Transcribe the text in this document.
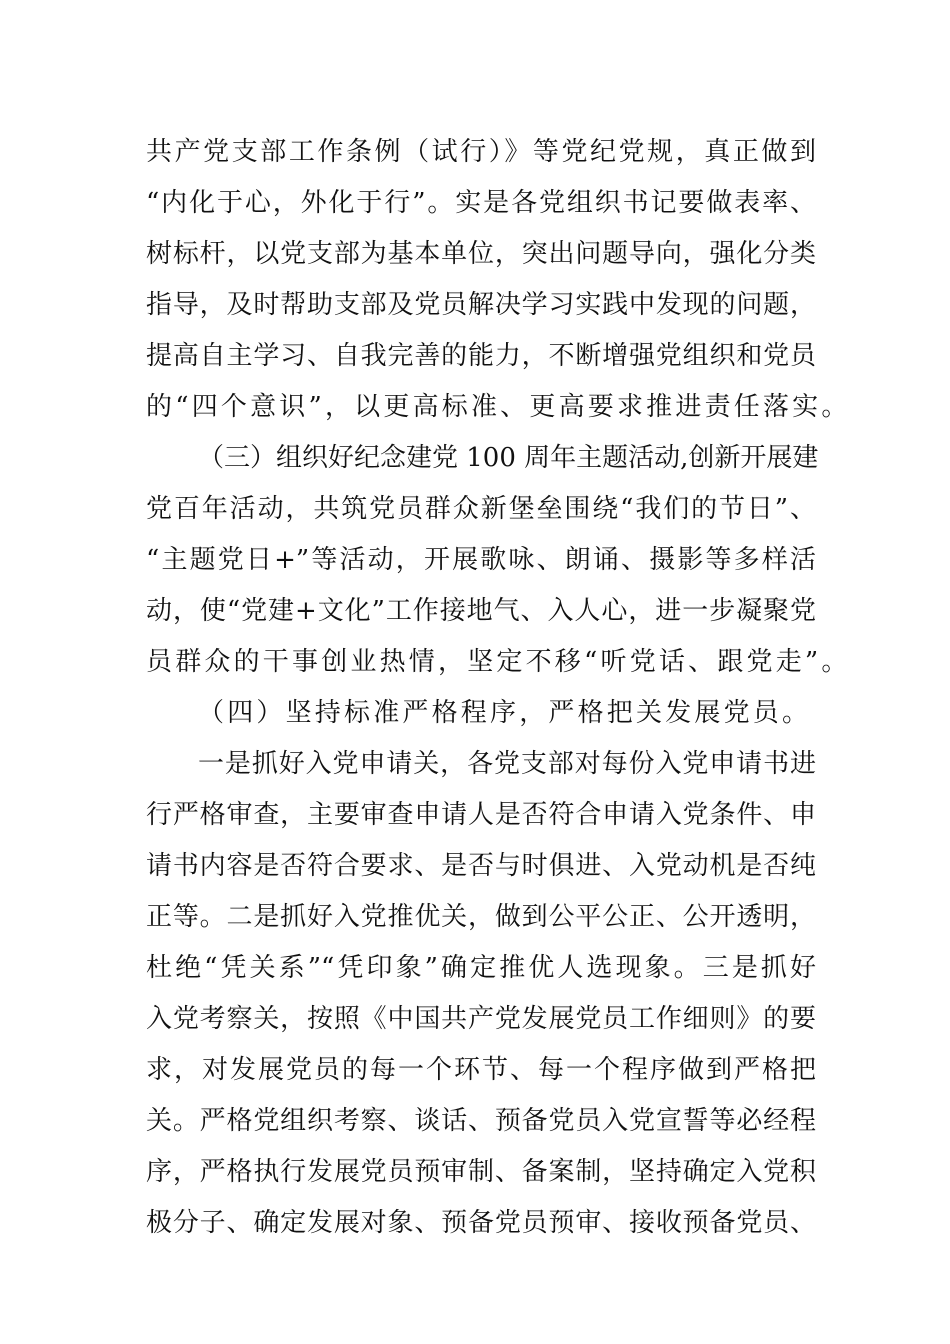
共产党支部工作条例（试行）》等党纪党规，真正做到
“内化于心，外化于行”。实是各党组织书记要做表率、
树标杆，以党支部为基本单位，突出问题导向，强化分类
指导，及时帮助支部及党员解决学习实践中发现的问题，
提高自主学习、自我完善的能力，不断增强党组织和党员
的“四个意识”，以更高标准、更高要求推进责任落实。
（三）组织好纪念建党 100 周年主题活动,创新开展建
党百年活动，共筑党员群众新堡垒围绕“我们的节日”、
“主题党日+”等活动，开展歌咏、朗诵、摄影等多样活
动，使“党建+文化”工作接地气、入人心，进一步凝聚党
员群众的干事创业热情，坚定不移“听党话、跟党走”。
（四）坚持标准严格程序，严格把关发展党员。
一是抓好入党申请关，各党支部对每份入党申请书进
行严格审查，主要审查申请人是否符合申请入党条件、申
请书内容是否符合要求、是否与时俱进、入党动机是否纯
正等。二是抓好入党推优关，做到公平公正、公开透明，
杜绝“凭关系”“凭印象”确定推优人选现象。三是抓好
入党考察关，按照《中国共产党发展党员工作细则》的要
求，对发展党员的每一个环节、每一个程序做到严格把
关。严格党组织考察、谈话、预备党员入党宣誓等必经程
序，严格执行发展党员预审制、备案制，坚持确定入党积
极分子、确定发展对象、预备党员预审、接收预备党员、
